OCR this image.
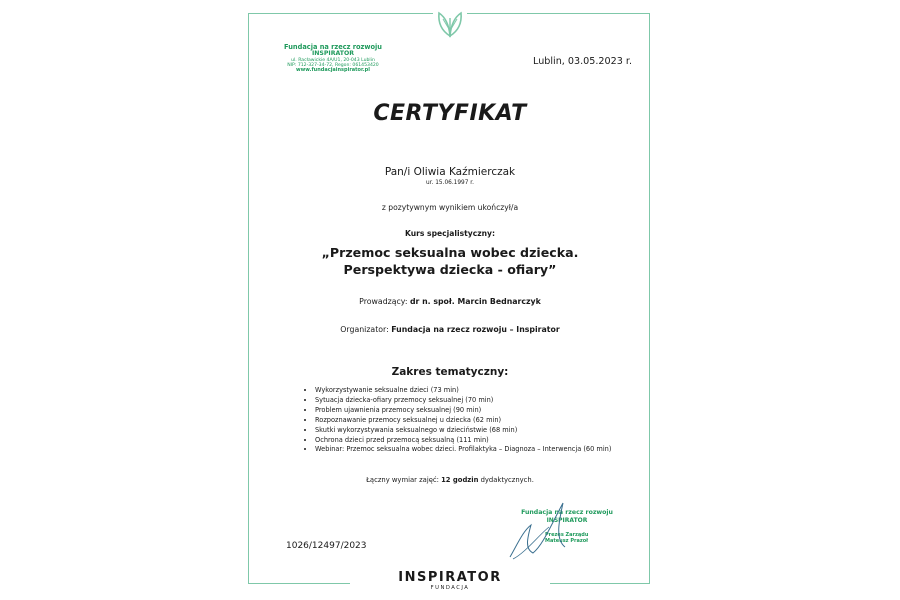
Fundacja na rzecz rozwoju
INSPIRATOR
ul. Racławickie 4A/U1, 20-043 Lublin
NIP: 712-327-34-72, Regon: 061453420
www.fundacjainspirator.pl
Lublin, 03.05.2023 r.
CERTYFIKAT
Pan/i Oliwia Kaźmierczak
ur. 15.06.1997 r.
z pozytywnym wynikiem ukończył/a
Kurs specjalistyczny:
„Przemoc seksualna wobec dziecka.
Perspektywa dziecka - ofiary”
Prowadzący: dr n. społ. Marcin Bednarczyk
Organizator: Fundacja na rzecz rozwoju – Inspirator
Zakres tematyczny:
• Wykorzystywanie seksualne dzieci (73 min)
• Sytuacja dziecka-ofiary przemocy seksualnej (70 min)
• Problem ujawnienia przemocy seksualnej (90 min)
• Rozpoznawanie przemocy seksualnej u dziecka (62 min)
• Skutki wykorzystywania seksualnego w dzieciństwie (68 min)
• Ochrona dzieci przed przemocą seksualną (111 min)
• Webinar: Przemoc seksualna wobec dzieci. Profilaktyka – Diagnoza – Interwencja (60 min)
Łączny wymiar zajęć: 12 godzin dydaktycznych.
Fundacja na rzecz rozwoju
INSPIRATOR
Prezes Zarządu
Mateusz Prazoł
1026/12497/2023
INSPIRATOR
FUNDACJA
